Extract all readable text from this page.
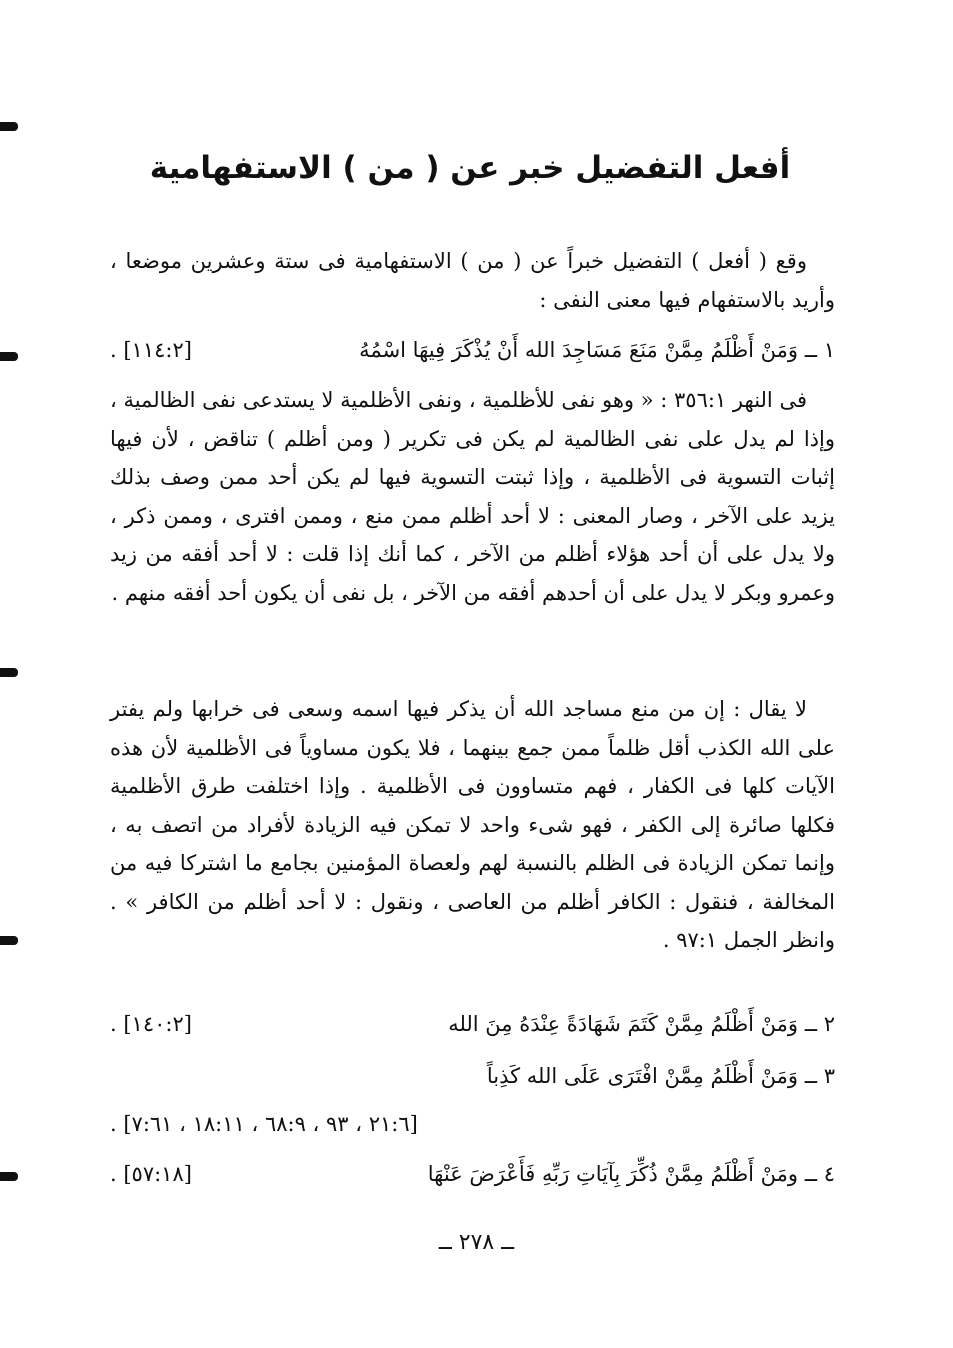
أفعل التفضيل خبر عن ( من ) الاستفهامية
وقع ( أفعل ) التفضيل خبراً عن ( من ) الاستفهامية فى ستة وعشرين موضعا ، وأريد بالاستفهام فيها معنى النفى :
١ ــ وَمَنْ أَظْلَمُ مِمَّنْ مَنَعَ مَسَاجِدَ الله أَنْ يُذْكَرَ فِيهَا اسْمُهُ
[١١٤:٢] .
فى النهر ٣٥٦:١ : « وهو نفى للأظلمية ، ونفى الأظلمية لا يستدعى نفى الظالمية ، وإذا لم يدل على نفى الظالمية لم يكن فى تكرير ( ومن أظلم ) تناقض ، لأن فيها إثبات التسوية فى الأظلمية ، وإذا ثبتت التسوية فيها لم يكن أحد ممن وصف بذلك يزيد على الآخر ، وصار المعنى : لا أحد أظلم ممن منع ، وممن افترى ، وممن ذكر ، ولا يدل على أن أحد هؤلاء أظلم من الآخر ، كما أنك إذا قلت : لا أحد أفقه من زيد وعمرو وبكر لا يدل على أن أحدهم أفقه من الآخر ، بل نفى أن يكون أحد أفقه منهم .
لا يقال : إن من منع مساجد الله أن يذكر فيها اسمه وسعى فى خرابها ولم يفتر على الله الكذب أقل ظلماً ممن جمع بينهما ، فلا يكون مساوياً فى الأظلمية لأن هذه الآيات كلها فى الكفار ، فهم متساوون فى الأظلمية . وإذا اختلفت طرق الأظلمية فكلها صائرة إلى الكفر ، فهو شىء واحد لا تمكن فيه الزيادة لأفراد من اتصف به ، وإنما تمكن الزيادة فى الظلم بالنسبة لهم ولعصاة المؤمنين بجامع ما اشتركا فيه من المخالفة ، فنقول : الكافر أظلم من العاصى ، ونقول : لا أحد أظلم من الكافر » . وانظر الجمل ٩٧:١ .
٢ ــ وَمَنْ أَظْلَمُ مِمَّنْ كَتَمَ شَهَادَةً عِنْدَهُ مِنَ الله
[١٤٠:٢] .
٣ ــ وَمَنْ أَظْلَمُ مِمَّنْ افْتَرَى عَلَى الله كَذِباً
[٢١:٦ ، ٩٣ ، ٦٨:٩ ، ١٨:١١ ، ٧:٦١] .
٤ ــ ومَنْ أَظْلَمُ مِمَّنْ ذُكِّرَ بِآيَاتِ رَبِّهِ فَأَعْرَضَ عَنْهَا
[٥٧:١٨] .
ــ ٢٧٨ ــ
